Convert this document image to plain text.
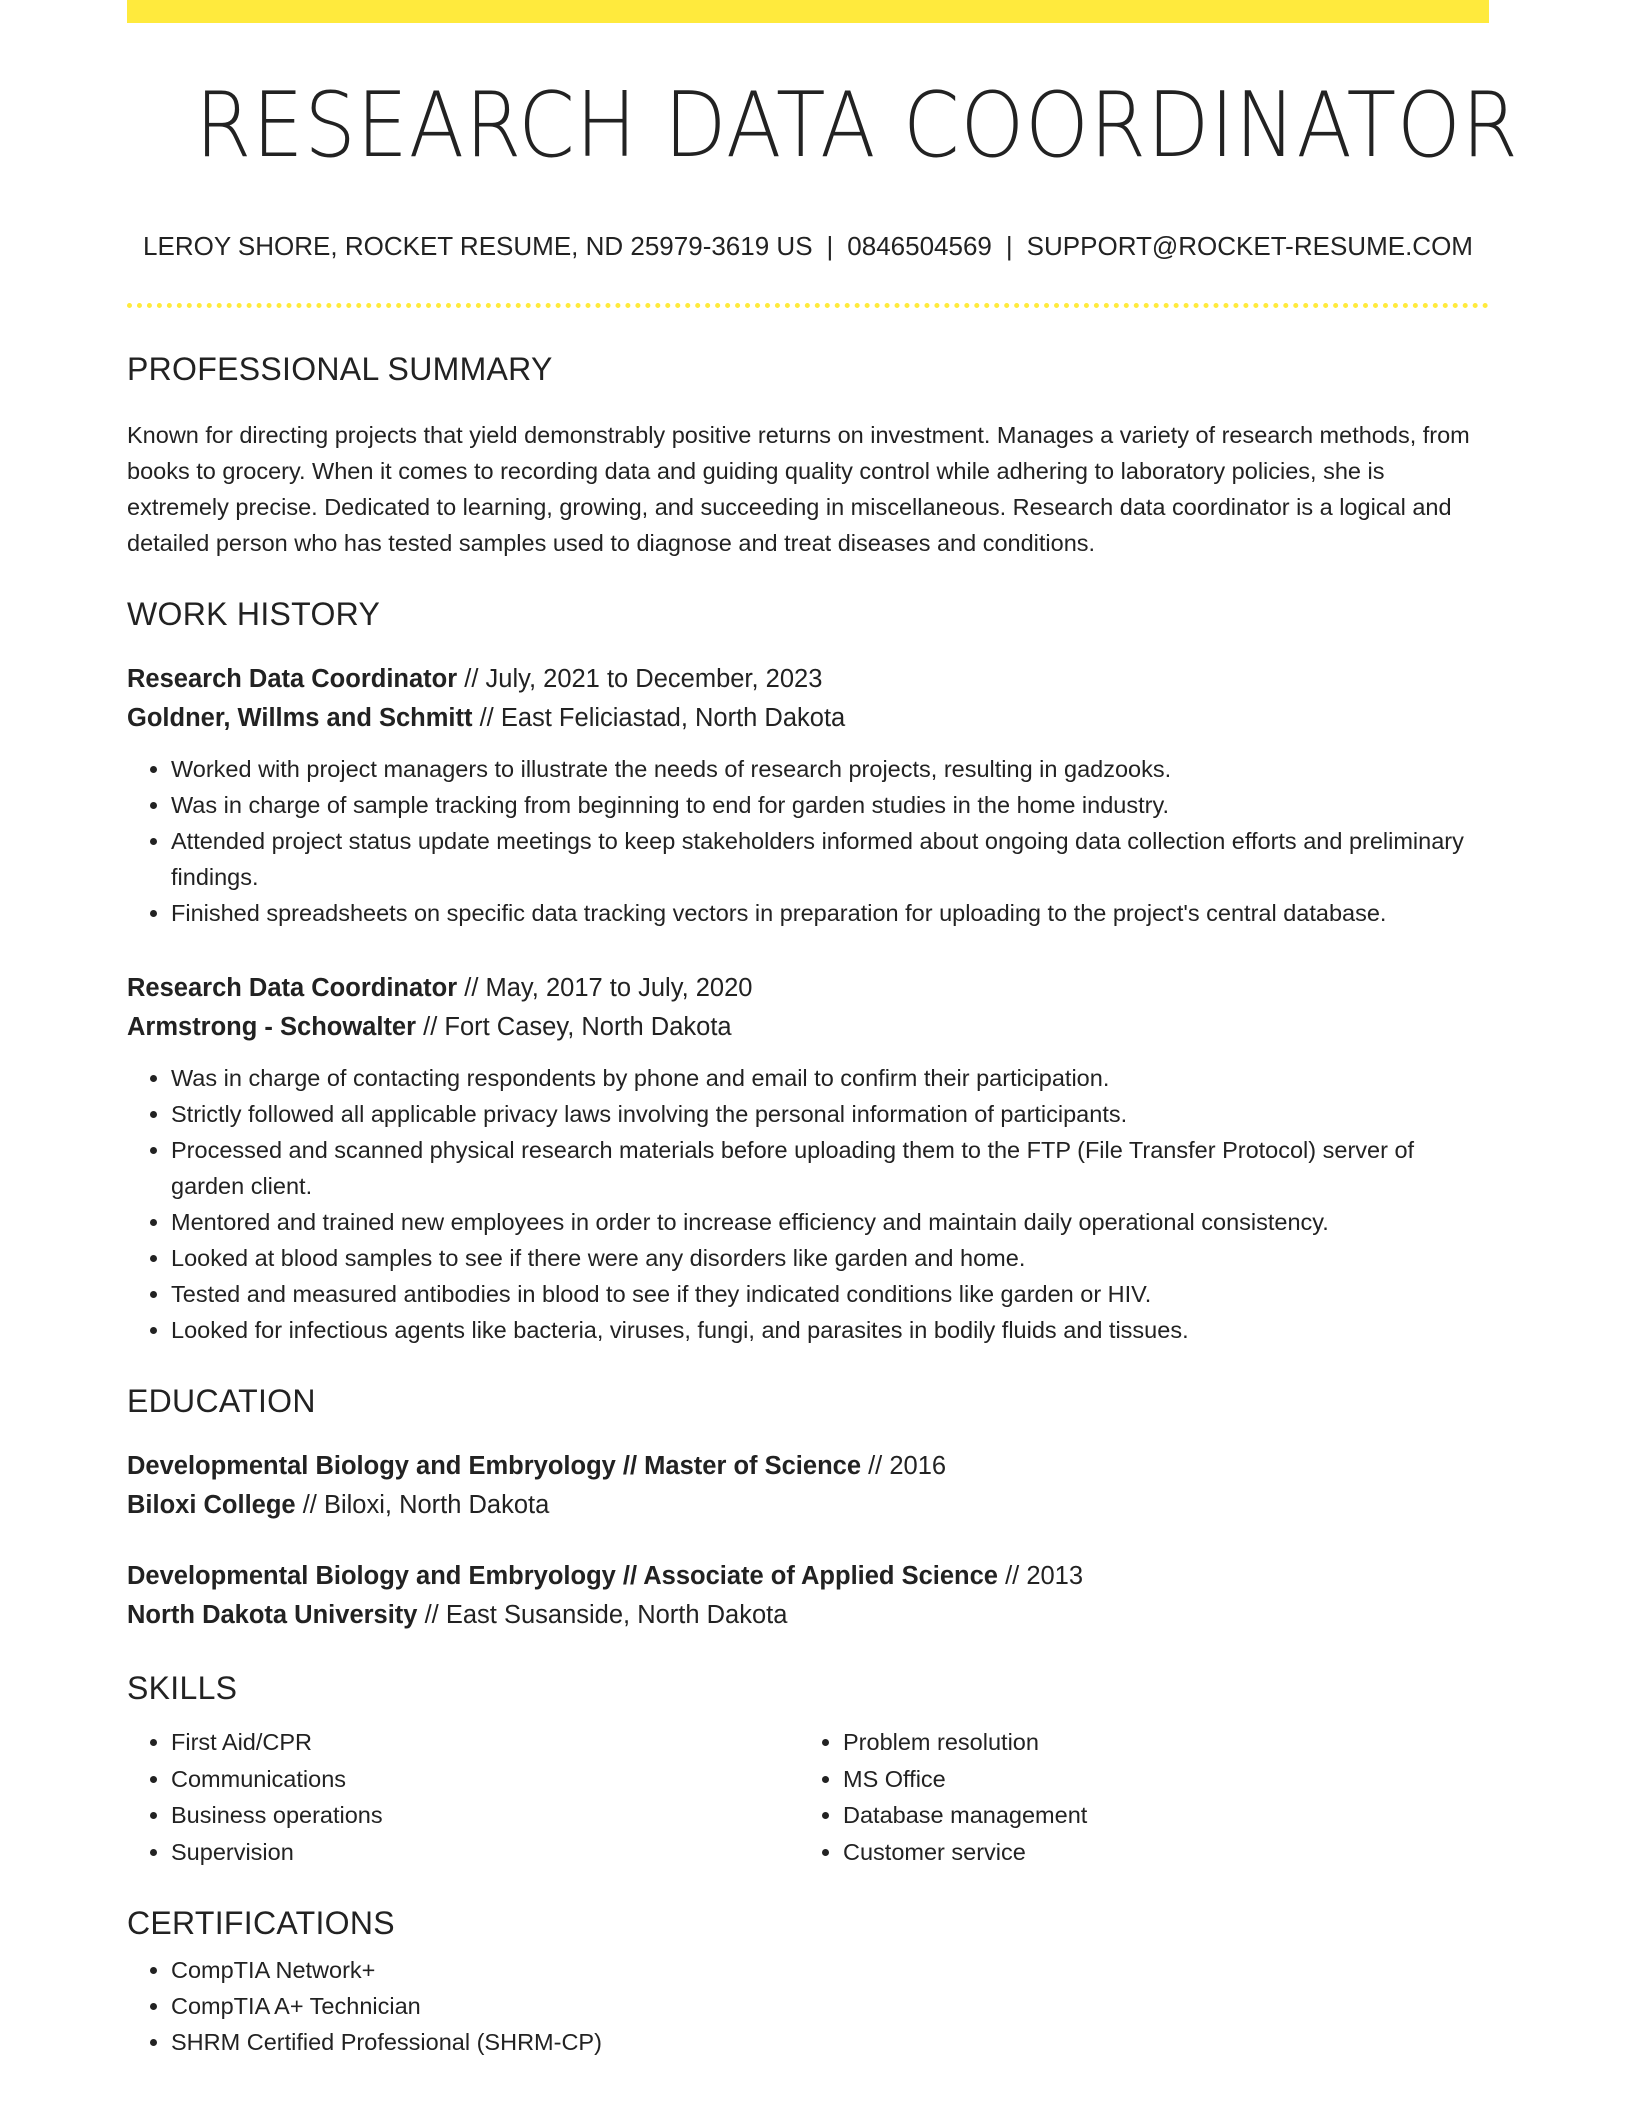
RESEARCH DATA COORDINATOR
LEROY SHORE, ROCKET RESUME, ND 25979-3619 US | 0846504569 | SUPPORT@ROCKET-RESUME.COM
PROFESSIONAL SUMMARY
Known for directing projects that yield demonstrably positive returns on investment. Manages a variety of research methods, from books to grocery. When it comes to recording data and guiding quality control while adhering to laboratory policies, she is extremely precise. Dedicated to learning, growing, and succeeding in miscellaneous. Research data coordinator is a logical and detailed person who has tested samples used to diagnose and treat diseases and conditions.
WORK HISTORY
Research Data Coordinator // July, 2021 to December, 2023
Goldner, Willms and Schmitt // East Feliciastad, North Dakota
• Worked with project managers to illustrate the needs of research projects, resulting in gadzooks.
• Was in charge of sample tracking from beginning to end for garden studies in the home industry.
• Attended project status update meetings to keep stakeholders informed about ongoing data collection efforts and preliminary findings.
• Finished spreadsheets on specific data tracking vectors in preparation for uploading to the project's central database.
Research Data Coordinator // May, 2017 to July, 2020
Armstrong - Schowalter // Fort Casey, North Dakota
• Was in charge of contacting respondents by phone and email to confirm their participation.
• Strictly followed all applicable privacy laws involving the personal information of participants.
• Processed and scanned physical research materials before uploading them to the FTP (File Transfer Protocol) server of garden client.
• Mentored and trained new employees in order to increase efficiency and maintain daily operational consistency.
• Looked at blood samples to see if there were any disorders like garden and home.
• Tested and measured antibodies in blood to see if they indicated conditions like garden or HIV.
• Looked for infectious agents like bacteria, viruses, fungi, and parasites in bodily fluids and tissues.
EDUCATION
Developmental Biology and Embryology // Master of Science // 2016
Biloxi College // Biloxi, North Dakota
Developmental Biology and Embryology // Associate of Applied Science // 2013
North Dakota University // East Susanside, North Dakota
SKILLS
• First Aid/CPR
• Communications
• Business operations
• Supervision
• Problem resolution
• MS Office
• Database management
• Customer service
CERTIFICATIONS
• CompTIA Network+
• CompTIA A+ Technician
• SHRM Certified Professional (SHRM-CP)
